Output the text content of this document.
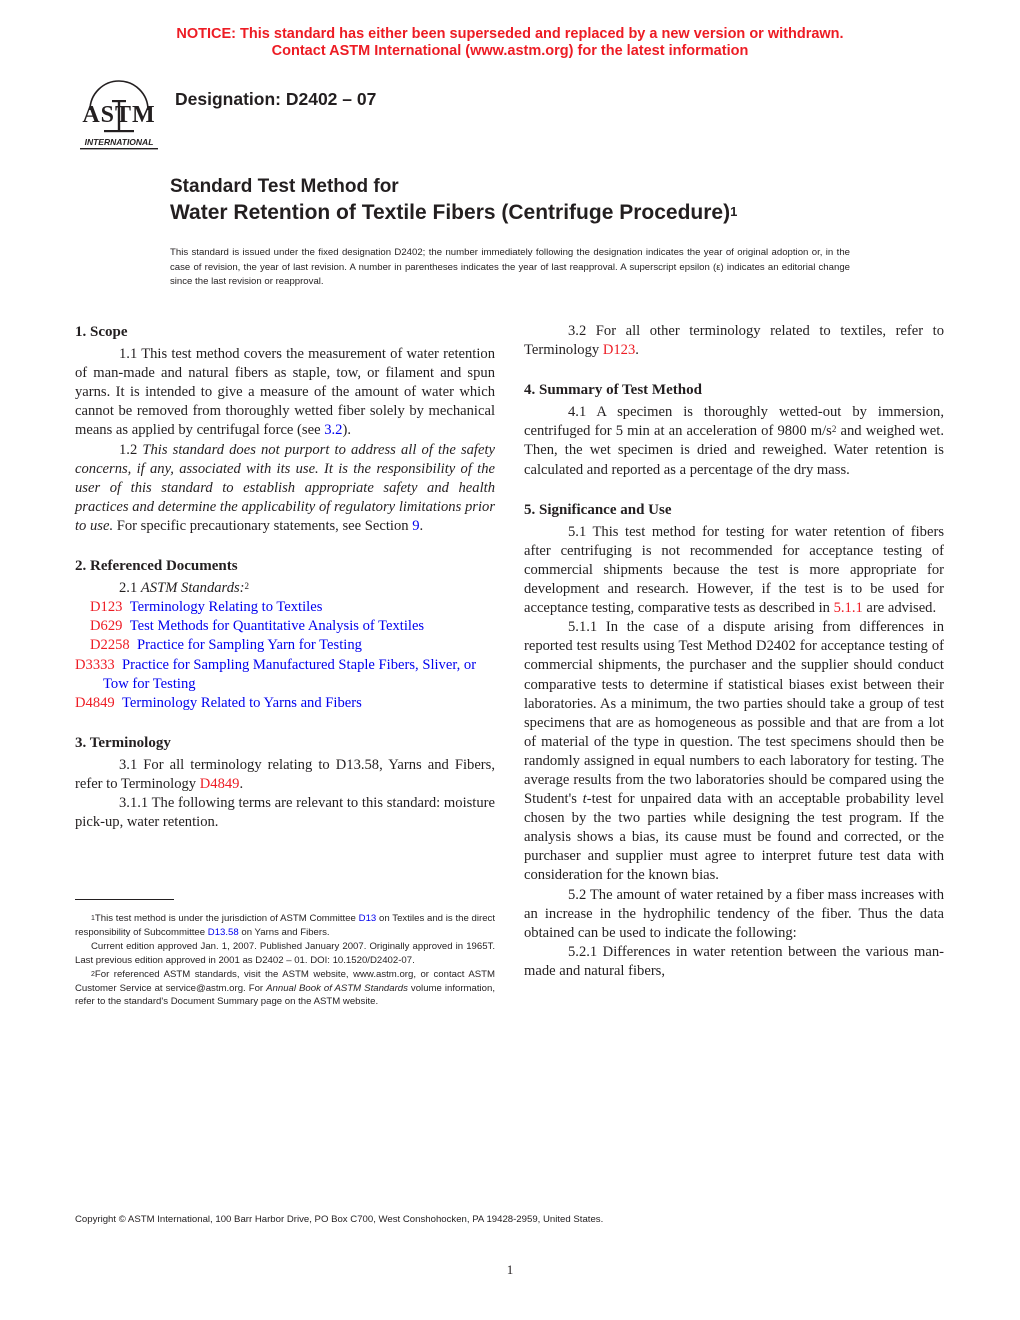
NOTICE: This standard has either been superseded and replaced by a new version or withdrawn.
Contact ASTM International (www.astm.org) for the latest information
ASTM
INTERNATIONAL
Designation: D2402 – 07
Standard Test Method for
Water Retention of Textile Fibers (Centrifuge Procedure)$^1$
This standard is issued under the fixed designation D2402; the number immediately following the designation indicates the year of original adoption or, in the case of revision, the year of last revision. A number in parentheses indicates the year of last reapproval. A superscript epsilon (ε) indicates an editorial change since the last revision or reapproval.
1. Scope
1.1 This test method covers the measurement of water retention of man-made and natural fibers as staple, tow, or filament and spun yarns. It is intended to give a measure of the amount of water which cannot be removed from thoroughly wetted fiber solely by mechanical means as applied by centrifugal force (see 3.2).
1.2 This standard does not purport to address all of the safety concerns, if any, associated with its use. It is the responsibility of the user of this standard to establish appropriate safety and health practices and determine the applicability of regulatory limitations prior to use. For specific precautionary statements, see Section 9.
2. Referenced Documents
2.1 ASTM Standards:$^2$
D123 Terminology Relating to Textiles
D629 Test Methods for Quantitative Analysis of Textiles
D2258 Practice for Sampling Yarn for Testing
D3333 Practice for Sampling Manufactured Staple Fibers, Sliver, or Tow for Testing
D4849 Terminology Related to Yarns and Fibers
3. Terminology
3.1 For all terminology relating to D13.58, Yarns and Fibers, refer to Terminology D4849.
3.1.1 The following terms are relevant to this standard: moisture pick-up, water retention.
$^1$This test method is under the jurisdiction of ASTM Committee D13 on Textiles and is the direct responsibility of Subcommittee D13.58 on Yarns and Fibers.
Current edition approved Jan. 1, 2007. Published January 2007. Originally approved in 1965T. Last previous edition approved in 2001 as D2402 – 01. DOI: 10.1520/D2402-07.
$^2$For referenced ASTM standards, visit the ASTM website, www.astm.org, or contact ASTM Customer Service at service@astm.org. For Annual Book of ASTM Standards volume information, refer to the standard's Document Summary page on the ASTM website.
3.2 For all other terminology related to textiles, refer to Terminology D123.
4. Summary of Test Method
4.1 A specimen is thoroughly wetted-out by immersion, centrifuged for 5 min at an acceleration of 9800 $m/s^2$ and weighed wet. Then, the wet specimen is dried and reweighed. Water retention is calculated and reported as a percentage of the dry mass.
5. Significance and Use
5.1 This test method for testing for water retention of fibers after centrifuging is not recommended for acceptance testing of commercial shipments because the test is more appropriate for development and research. However, if the test is to be used for acceptance testing, comparative tests as described in 5.1.1 are advised.
5.1.1 In the case of a dispute arising from differences in reported test results using Test Method D2402 for acceptance testing of commercial shipments, the purchaser and the supplier should conduct comparative tests to determine if statistical biases exist between their laboratories. As a minimum, the two parties should take a group of test specimens that are as homogeneous as possible and that are from a lot of material of the type in question. The test specimens should then be randomly assigned in equal numbers to each laboratory for testing. The average results from the two laboratories should be compared using the Student's t-test for unpaired data with an acceptable probability level chosen by the two parties while designing the test program. If the analysis shows a bias, its cause must be found and corrected, or the purchaser and supplier must agree to interpret future test data with consideration for the known bias.
5.2 The amount of water retained by a fiber mass increases with an increase in the hydrophilic tendency of the fiber. Thus the data obtained can be used to indicate the following:
5.2.1 Differences in water retention between the various man-made and natural fibers,
Copyright © ASTM International, 100 Barr Harbor Drive, PO Box C700, West Conshohocken, PA 19428-2959, United States.
1
